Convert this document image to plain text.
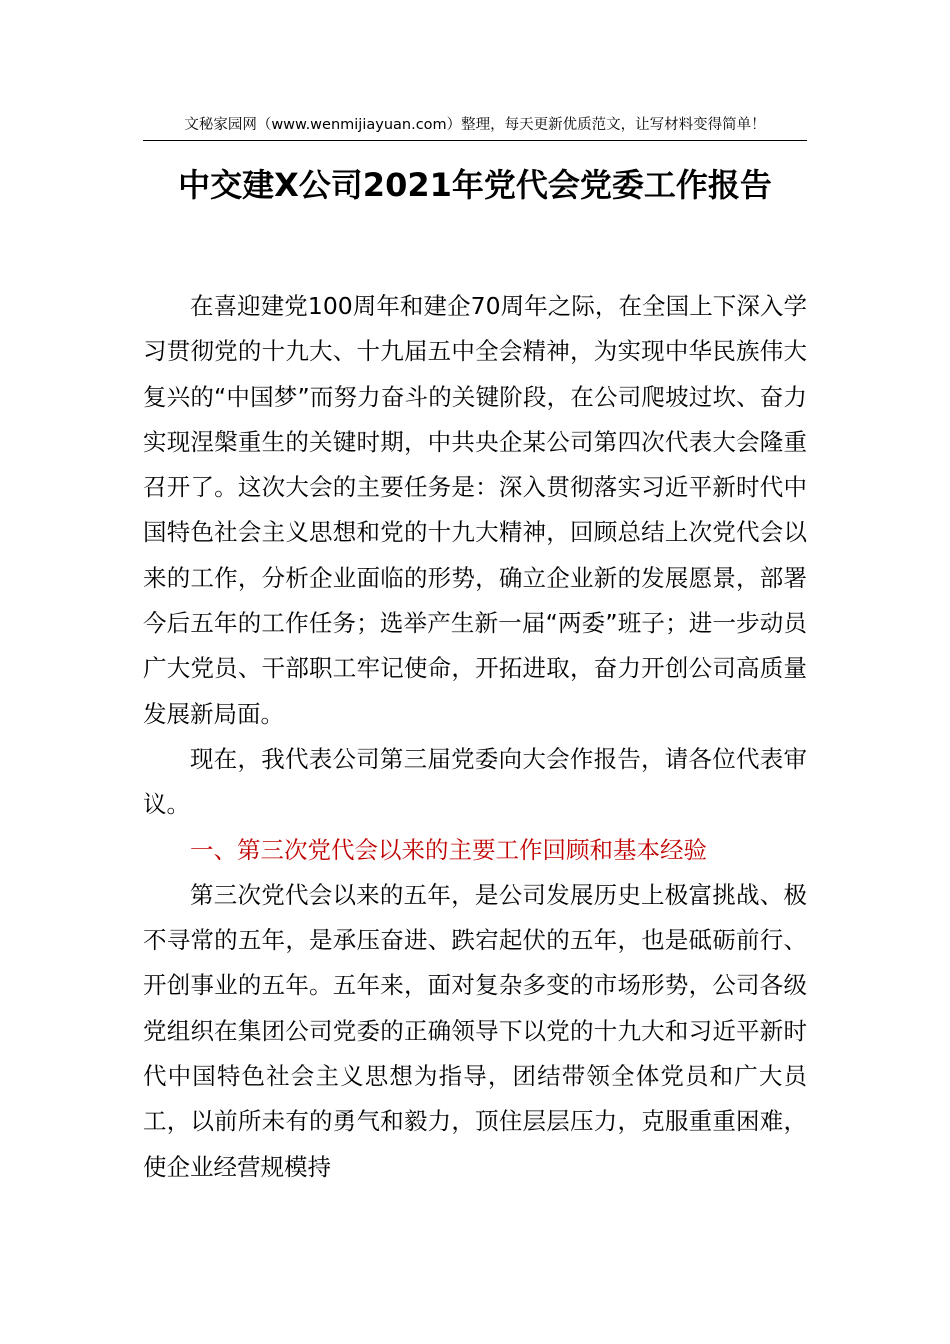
文秘家园网（www.wenmijiayuan.com）整理，每天更新优质范文，让写材料变得简单！
中交建X公司2021年党代会党委工作报告

在喜迎建党100周年和建企70周年之际，在全国上下深入学习贯彻党的十九大、十九届五中全会精神，为实现中华民族伟大复兴的“中国梦”而努力奋斗的关键阶段，在公司爬坡过坎、奋力实现涅槃重生的关键时期，中共央企某公司第四次代表大会隆重召开了。这次大会的主要任务是：深入贯彻落实习近平新时代中国特色社会主义思想和党的十九大精神，回顾总结上次党代会以来的工作，分析企业面临的形势，确立企业新的发展愿景，部署今后五年的工作任务；选举产生新一届“两委”班子；进一步动员广大党员、干部职工牢记使命，开拓进取，奋力开创公司高质量发展新局面。

现在，我代表公司第三届党委向大会作报告，请各位代表审议。

一、第三次党代会以来的主要工作回顾和基本经验

第三次党代会以来的五年，是公司发展历史上极富挑战、极不寻常的五年，是承压奋进、跌宕起伏的五年，也是砥砺前行、开创事业的五年。五年来，面对复杂多变的市场形势，公司各级党组织在集团公司党委的正确领导下以党的十九大和习近平新时代中国特色社会主义思想为指导，团结带领全体党员和广大员工，以前所未有的勇气和毅力，顶住层层压力，克服重重困难，使企业经营规模持
